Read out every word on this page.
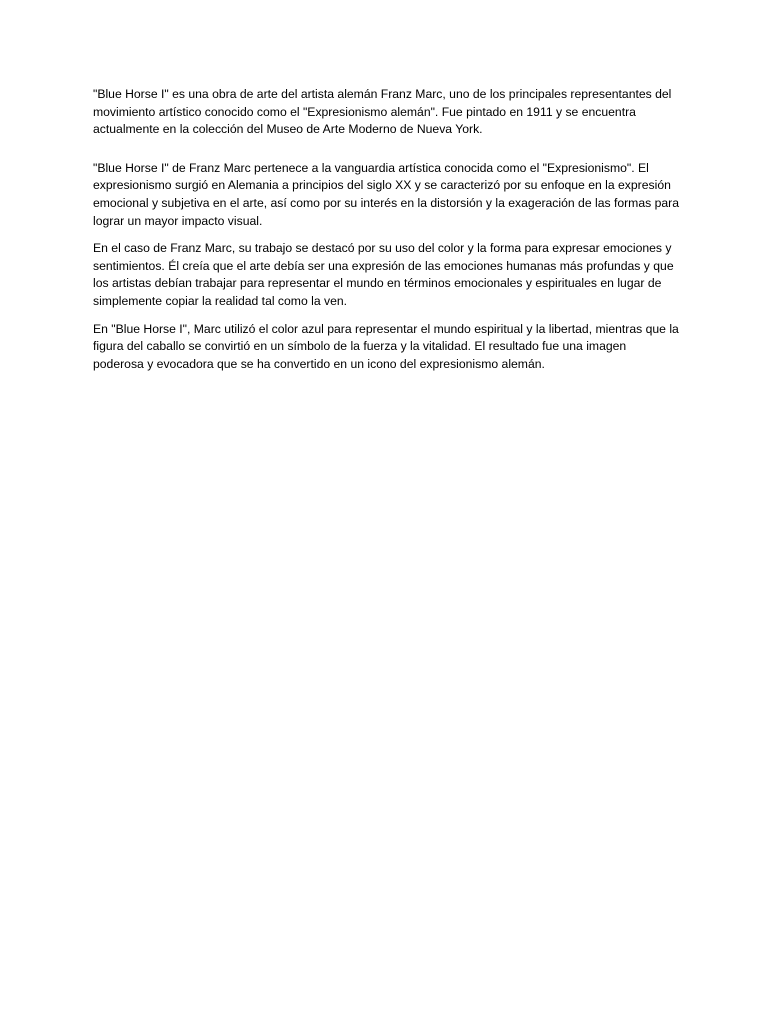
"Blue Horse I" es una obra de arte del artista alemán Franz Marc, uno de los principales representantes del movimiento artístico conocido como el "Expresionismo alemán". Fue pintado en 1911 y se encuentra actualmente en la colección del Museo de Arte Moderno de Nueva York.

"Blue Horse I" de Franz Marc pertenece a la vanguardia artística conocida como el "Expresionismo". El expresionismo surgió en Alemania a principios del siglo XX y se caracterizó por su enfoque en la expresión emocional y subjetiva en el arte, así como por su interés en la distorsión y la exageración de las formas para lograr un mayor impacto visual.

En el caso de Franz Marc, su trabajo se destacó por su uso del color y la forma para expresar emociones y sentimientos. Él creía que el arte debía ser una expresión de las emociones humanas más profundas y que los artistas debían trabajar para representar el mundo en términos emocionales y espirituales en lugar de simplemente copiar la realidad tal como la ven.

En "Blue Horse I", Marc utilizó el color azul para representar el mundo espiritual y la libertad, mientras que la figura del caballo se convirtió en un símbolo de la fuerza y la vitalidad. El resultado fue una imagen poderosa y evocadora que se ha convertido en un icono del expresionismo alemán.
